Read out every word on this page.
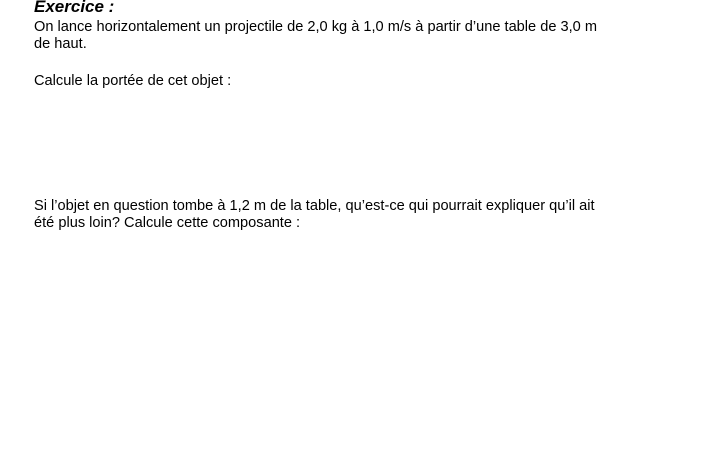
Exercice :
On lance horizontalement un projectile de 2,0 kg à 1,0 m/s à partir d’une table de 3,0 m
de haut.
Calcule la portée de cet objet :
Si l’objet en question tombe à 1,2 m de la table, qu’est-ce qui pourrait expliquer qu’il ait
été plus loin? Calcule cette composante :
